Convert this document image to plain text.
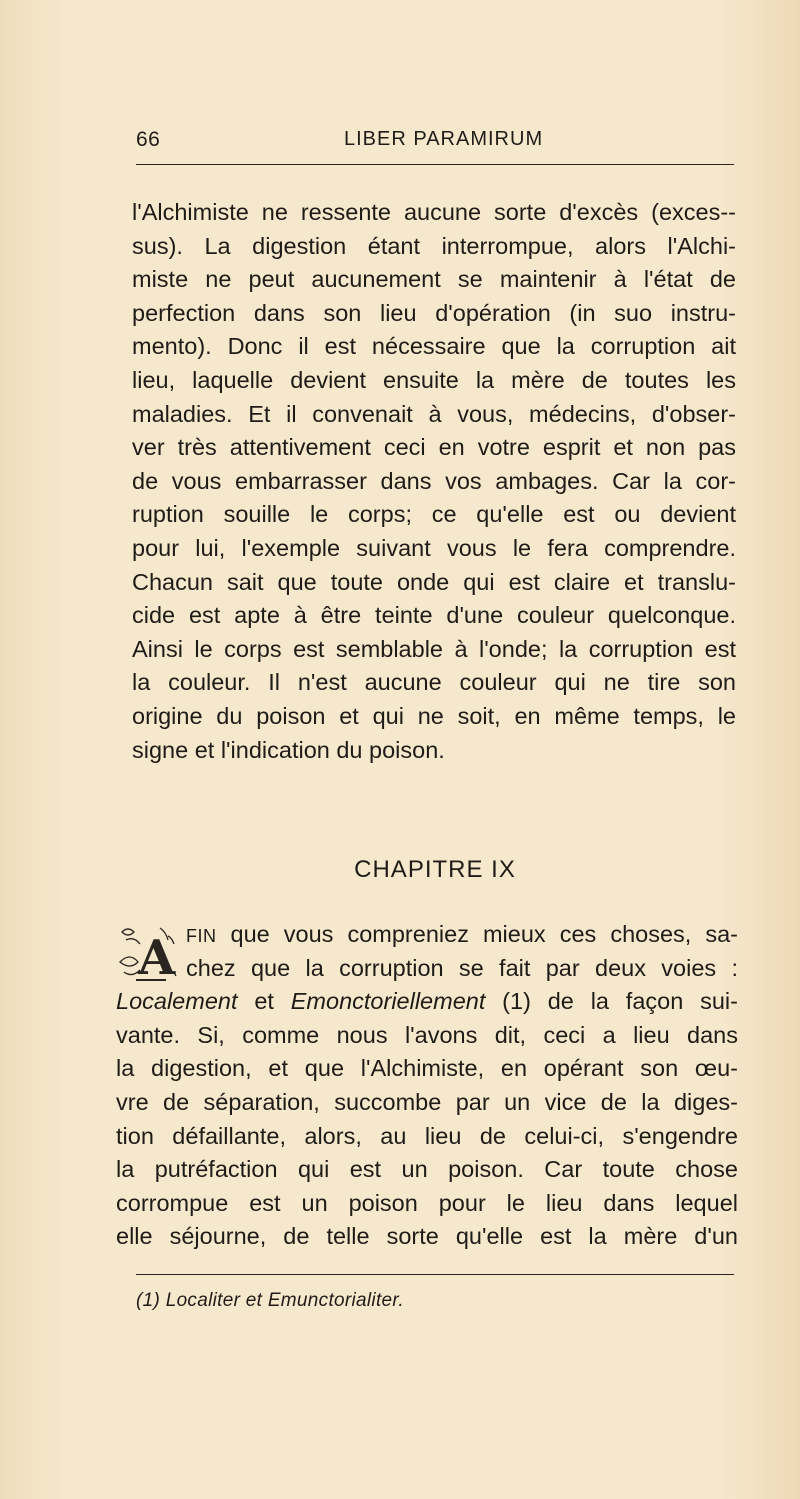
66	LIBER PARAMIRUM
l'Alchimiste ne ressente aucune sorte d'excès (exces--
sus). La digestion étant interrompue, alors l'Alchi-
miste ne peut aucunement se maintenir à l'état de
perfection dans son lieu d'opération (in suo instru-
mento). Donc il est nécessaire que la corruption ait
lieu, laquelle devient ensuite la mère de toutes les
maladies. Et il convenait à vous, médecins, d'obser-
ver très attentivement ceci en votre esprit et non pas
de vous embarrasser dans vos ambages. Car la cor-
ruption souille le corps; ce qu'elle est ou devient
pour lui, l'exemple suivant vous le fera comprendre.
Chacun sait que toute onde qui est claire et translu-
cide est apte à être teinte d'une couleur quelconque.
Ainsi le corps est semblable à l'onde; la corruption est
la couleur. Il n'est aucune couleur qui ne tire son
origine du poison et qui ne soit, en même temps, le
signe et l'indication du poison.
CHAPITRE IX
A FIN que vous compreniez mieux ces choses, sa-
chez que la corruption se fait par deux voies :
Localement et Emonctoriellement (1) de la façon sui-
vante. Si, comme nous l'avons dit, ceci a lieu dans
la digestion, et que l'Alchimiste, en opérant son œu-
vre de séparation, succombe par un vice de la diges-
tion défaillante, alors, au lieu de celui-ci, s'engendre
la putréfaction qui est un poison. Car toute chose
corrompue est un poison pour le lieu dans lequel
elle séjourne, de telle sorte qu'elle est la mère d'un
(1) Localiter et Emunctorialiter.
